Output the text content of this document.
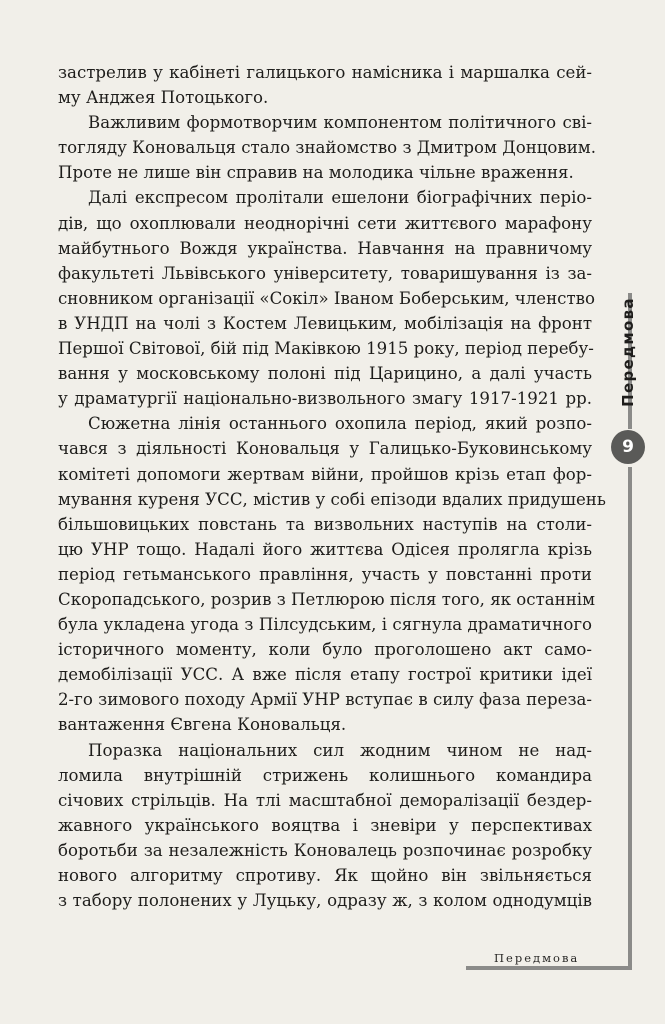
застрелив у кабінеті галицького намісника і маршалка сей-
му Анджея Потоцького.
Важливим формотворчим компонентом політичного сві-
тогляду Коновальця стало знайомство з Дмитром Донцовим.
Проте не лише він справив на молодика чільне враження.
Далі експресом пролітали ешелони біографічних періо-
дів, що охоплювали неоднорічні сети життєвого марафону
майбутнього Вождя українства. Навчання на правничому
факультеті Львівського університету, товаришування із за-
сновником організації «Сокіл» Іваном Боберським, членство
в УНДП на чолі з Костем Левицьким, мобілізація на фронт
Першої Світової, бій під Маківкою 1915 року, період перебу-
вання у московському полоні під Царицино, а далі участь
у драматургії національно-визвольного змагу 1917-1921 рр.
Сюжетна лінія останнього охопила період, який розпо-
чався з діяльності Коновальця у Галицько-Буковинському
комітеті допомоги жертвам війни, пройшов крізь етап фор-
мування куреня УСС, містив у собі епізоди вдалих придушень
більшовицьких повстань та визвольних наступів на столи-
цю УНР тощо. Надалі його життєва Одісея пролягла крізь
період гетьманського правління, участь у повстанні проти
Скоропадського, розрив з Петлюрою після того, як останнім
була укладена угода з Пілсудським, і сягнула драматичного
історичного моменту, коли було проголошено акт само-
демобілізації УСС. А вже після етапу гострої критики ідеї
2-го зимового походу Армії УНР вступає в силу фаза переза-
вантаження Євгена Коновальця.
Поразка національних сил жодним чином не над-
ломила внутрішній стрижень колишнього командира
січових стрільців. На тлі масштабної деморалізації бездер-
жавного українського вояцтва і зневіри у перспективах
боротьби за незалежність Коновалець розпочинає розробку
нового алгоритму спротиву. Як щойно він звільняється
з табору полонених у Луцьку, одразу ж, з колом однодумців
Передмова
9
Передмова
